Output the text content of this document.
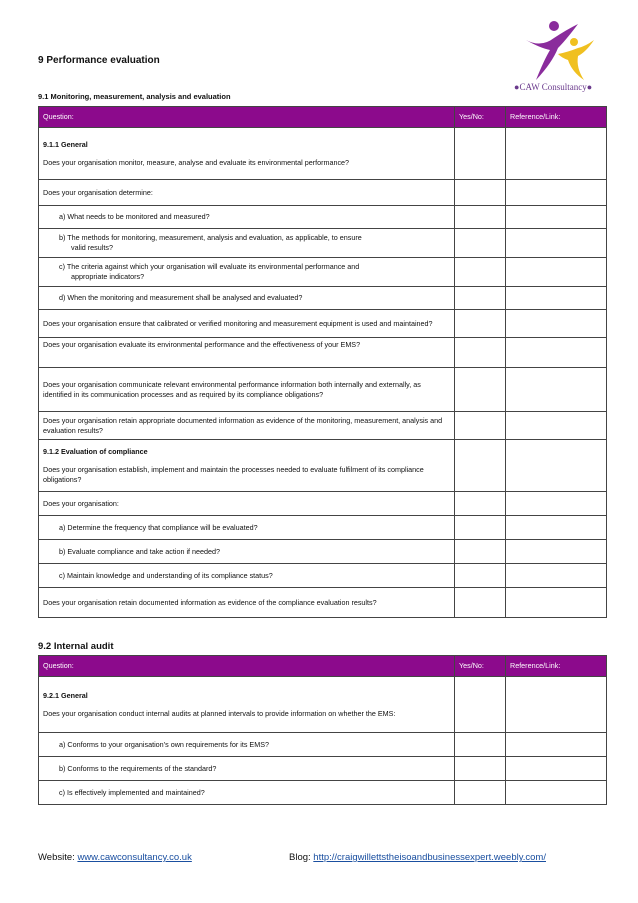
9 Performance evaluation
9.1 Monitoring, measurement, analysis and evaluation
●CAW Consultancy●
Question:	Yes/No:	Reference/Link:

9.1.1 General
Does your organisation monitor, measure, analyse and evaluate its environmental performance?		

Does your organisation determine:		
a) What needs to be monitored and measured?		
b) The methods for monitoring, measurement, analysis and evaluation, as applicable, to ensure
valid results?		

c) The criteria against which your organisation will evaluate its environmental performance and
appropriate indicators?		

d) When the monitoring and measurement shall be analysed and evaluated?		
Does your organisation ensure that calibrated or verified monitoring and measurement equipment is used and maintained?		
Does your organisation evaluate its environmental performance and the effectiveness of your EMS?		
Does your organisation communicate relevant environmental performance information both internally and externally, as identified in its communication processes and as required by its compliance obligations?		
Does your organisation retain appropriate documented information as evidence of the monitoring, measurement, analysis and evaluation results?		

9.1.2 Evaluation of compliance
Does your organisation establish, implement and maintain the processes needed to evaluate fulfilment of its compliance obligations?		

Does your organisation:		
a) Determine the frequency that compliance will be evaluated?		
b) Evaluate compliance and take action if needed?		
c) Maintain knowledge and understanding of its compliance status?		
Does your organisation retain documented information as evidence of the compliance evaluation results?		
9.2 Internal audit
Question:	Yes/No:	Reference/Link:

9.2.1 General
Does your organisation conduct internal audits at planned intervals to provide information on whether the EMS:		

a) Conforms to your organisation’s own requirements for its EMS?		
b) Conforms to the requirements of the standard?		
c) Is effectively implemented and maintained?		
Website: www.cawconsultancy.co.uk	Blog: http://craigwillettstheisoandbusinessexpert.weebly.com/
